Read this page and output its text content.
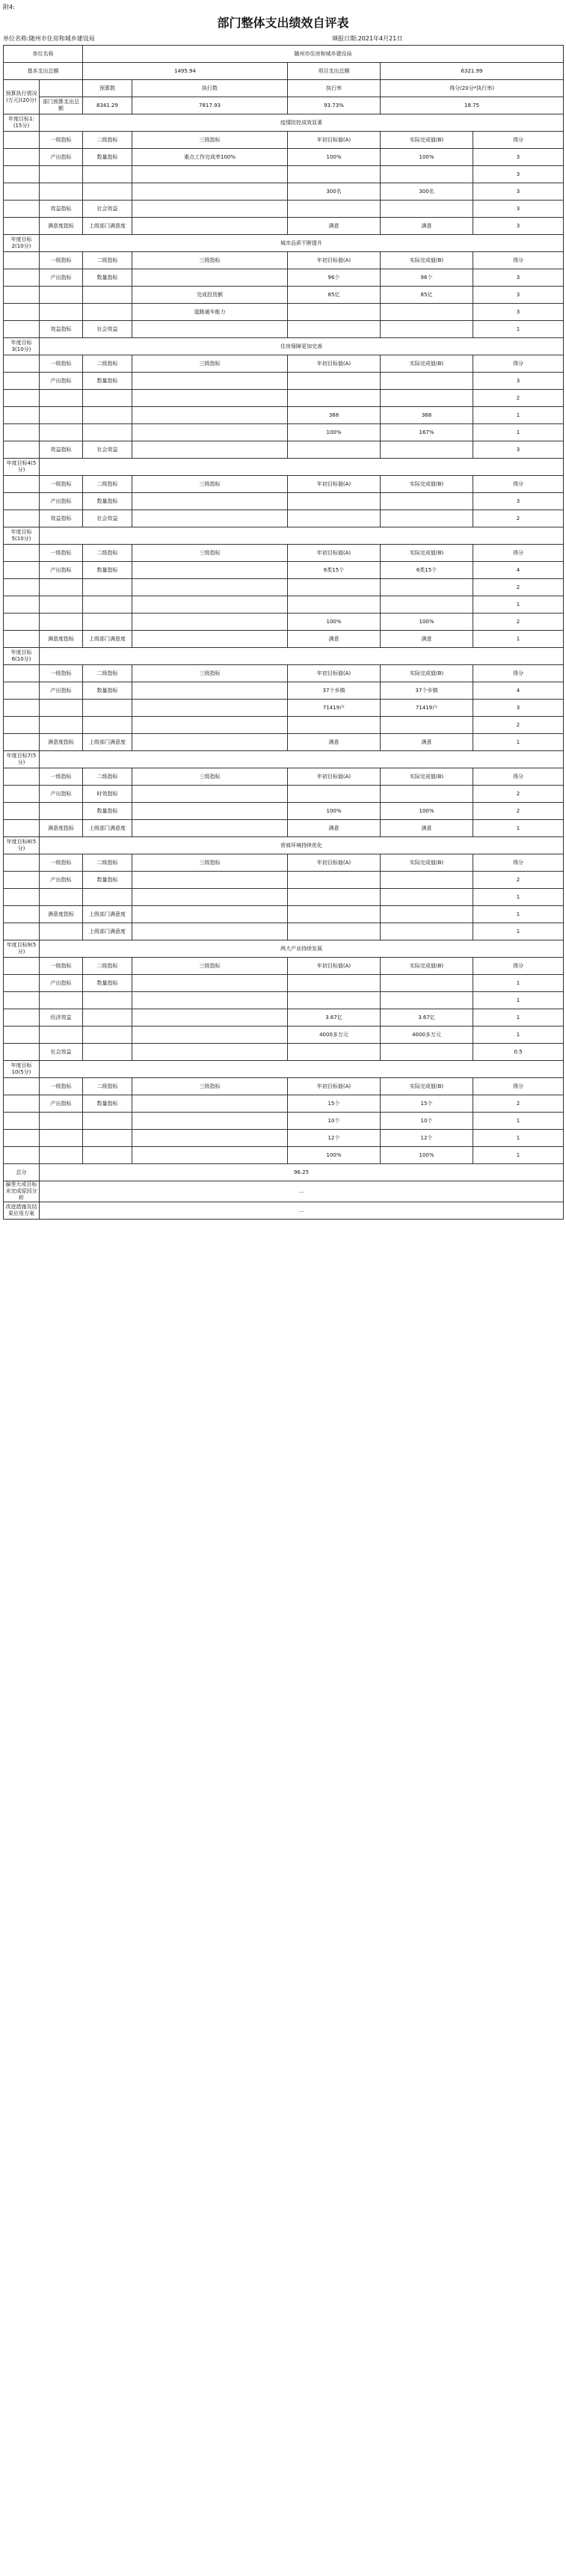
附4:
部门整体支出绩效自评表
单位名称:随州市住房和城乡建设局	填报日期:2021年4月21日
单位名称		随州市住房和城乡建设局				
基本支出总额		1495.94		项目支出总额	6321.99	
预算执行情况(万元)(20分)		预算数	执行数	执行率	得分(20分*执行率)	
	部门预算支出总额	8341.29	7817.93	93.73%	18.75	
年度目标1:(15分)	疫情防控成效显著					
	一级指标	二级指标	三级指标	年初目标值(A)	实际完成值(B)	得分
	产出指标	数量指标	重点工作完成率100%	100%	100%	3
						3
				300名	300名	3
	效益指标	社会效益				3
	满意度指标	上级部门满意度		满意	满意	3
年度目标2(10分)	城市品质不断提升					
	一级指标	二级指标	三级指标	年初目标值(A)	实际完成值(B)	得分
	产出指标	数量指标		96个	96个	3
			完成投资额	85亿	85亿	3
			道路通车能力			3
	效益指标	社会效益				1
年度目标3(10分)	住房保障更加完善					
	一级指标	二级指标	三级指标	年初目标值(A)	实际完成值(B)	得分
	产出指标	数量指标				3
						2
				368	368	1
				100%	167%	1
	效益指标	社会效益				3
年度目标4(5分)						
	一级指标	二级指标	三级指标	年初目标值(A)	实际完成值(B)	得分
	产出指标	数量指标				3
	效益指标	社会效益				2
年度目标5(10分)						
	一级指标	二级指标	三级指标	年初目标值(A)	实际完成值(B)	得分
	产出指标	数量指标		6类15个	6类15个	4
						2
						1
				100%	100%	2
	满意度指标	上级部门满意度		满意	满意	1
年度目标6(10分)						
	一级指标	二级指标	三级指标	年初目标值(A)	实际完成值(B)	得分
	产出指标	数量指标		37个乡镇	37个乡镇	4
				71419户	71419户	3
						2
	满意度指标	上级部门满意度		满意	满意	1
年度目标7(5分)						
	一级指标	二级指标	三级指标	年初目标值(A)	实际完成值(B)	得分
	产出指标	时效指标				2
		数量指标		100%	100%	2
	满意度指标	上级部门满意度		满意	满意	1
年度目标8(5分)	营商环境持续优化					
	一级指标	二级指标	三级指标	年初目标值(A)	实际完成值(B)	得分
	产出指标	数量指标				2
						1
	满意度指标	上级部门满意度				1
		上级部门满意度				1
年度目标9(5分)	两大产业持续发展					
	一级指标	二级指标	三级指标	年初目标值(A)	实际完成值(B)	得分
	产出指标	数量指标				1
						1
	经济效益			3.67亿	3.67亿	1
				4000多万元	4000多万元	1
	社会效益					0.5
年度目标10(5分)						
	一级指标	二级指标	三级指标	年初目标值(A)	实际完成值(B)	得分
	产出指标	数量指标		15个	15个	2
				10个	10个	1
				12个	12个	1
				100%	100%	1
总分	96.25					
偏差大或目标未完成原因分析	…					
改进措施及结果应用方案	…					
